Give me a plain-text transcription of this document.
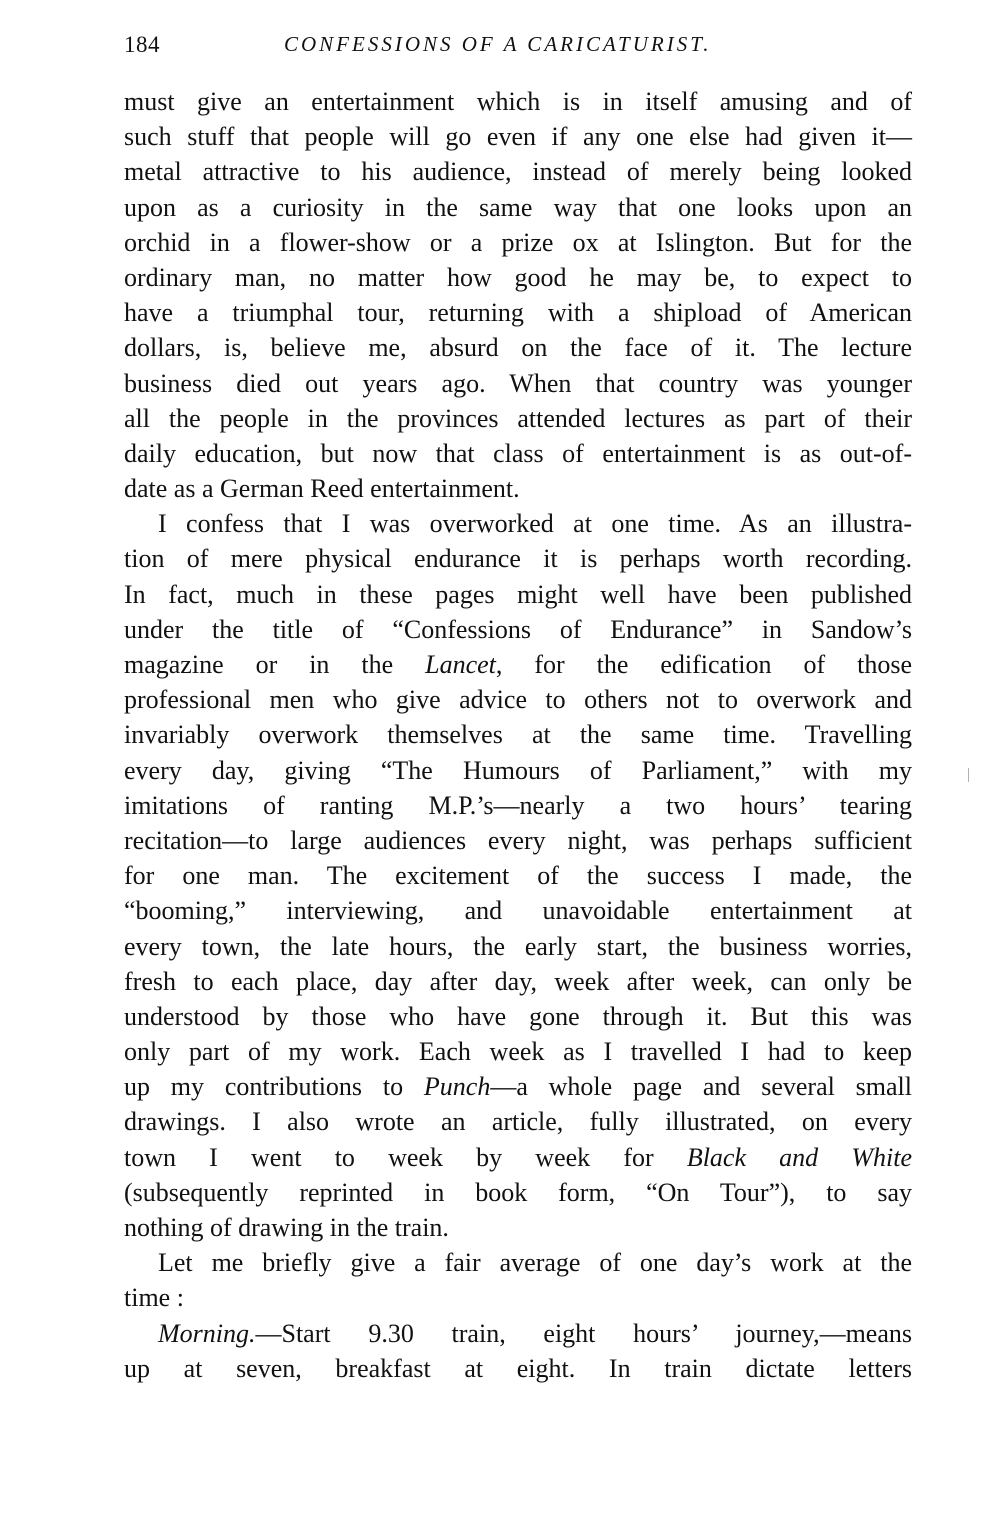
184	CONFESSIONS OF A CARICATURIST.
must give an entertainment which is in itself amusing and of
such stuff that people will go even if any one else had given it—
metal attractive to his audience, instead of merely being looked
upon as a curiosity in the same way that one looks upon an
orchid in a flower-show or a prize ox at Islington. But for the
ordinary man, no matter how good he may be, to expect to
have a triumphal tour, returning with a shipload of American
dollars, is, believe me, absurd on the face of it. The lecture
business died out years ago. When that country was younger
all the people in the provinces attended lectures as part of their
daily education, but now that class of entertainment is as out-of-
date as a German Reed entertainment.
I confess that I was overworked at one time. As an illustra-
tion of mere physical endurance it is perhaps worth recording.
In fact, much in these pages might well have been published
under the title of “Confessions of Endurance” in Sandow’s
magazine or in the Lancet, for the edification of those
professional men who give advice to others not to overwork and
invariably overwork themselves at the same time. Travelling
every day, giving “The Humours of Parliament,” with my
imitations of ranting M.P.’s—nearly a two hours’ tearing
recitation—to large audiences every night, was perhaps sufficient
for one man. The excitement of the success I made, the
“booming,” interviewing, and unavoidable entertainment at
every town, the late hours, the early start, the business worries,
fresh to each place, day after day, week after week, can only be
understood by those who have gone through it. But this was
only part of my work. Each week as I travelled I had to keep
up my contributions to Punch—a whole page and several small
drawings. I also wrote an article, fully illustrated, on every
town I went to week by week for Black and White
(subsequently reprinted in book form, “On Tour”), to say
nothing of drawing in the train.
Let me briefly give a fair average of one day’s work at the
time :
Morning.—Start 9.30 train, eight hours’ journey,—means
up at seven, breakfast at eight. In train dictate letters
